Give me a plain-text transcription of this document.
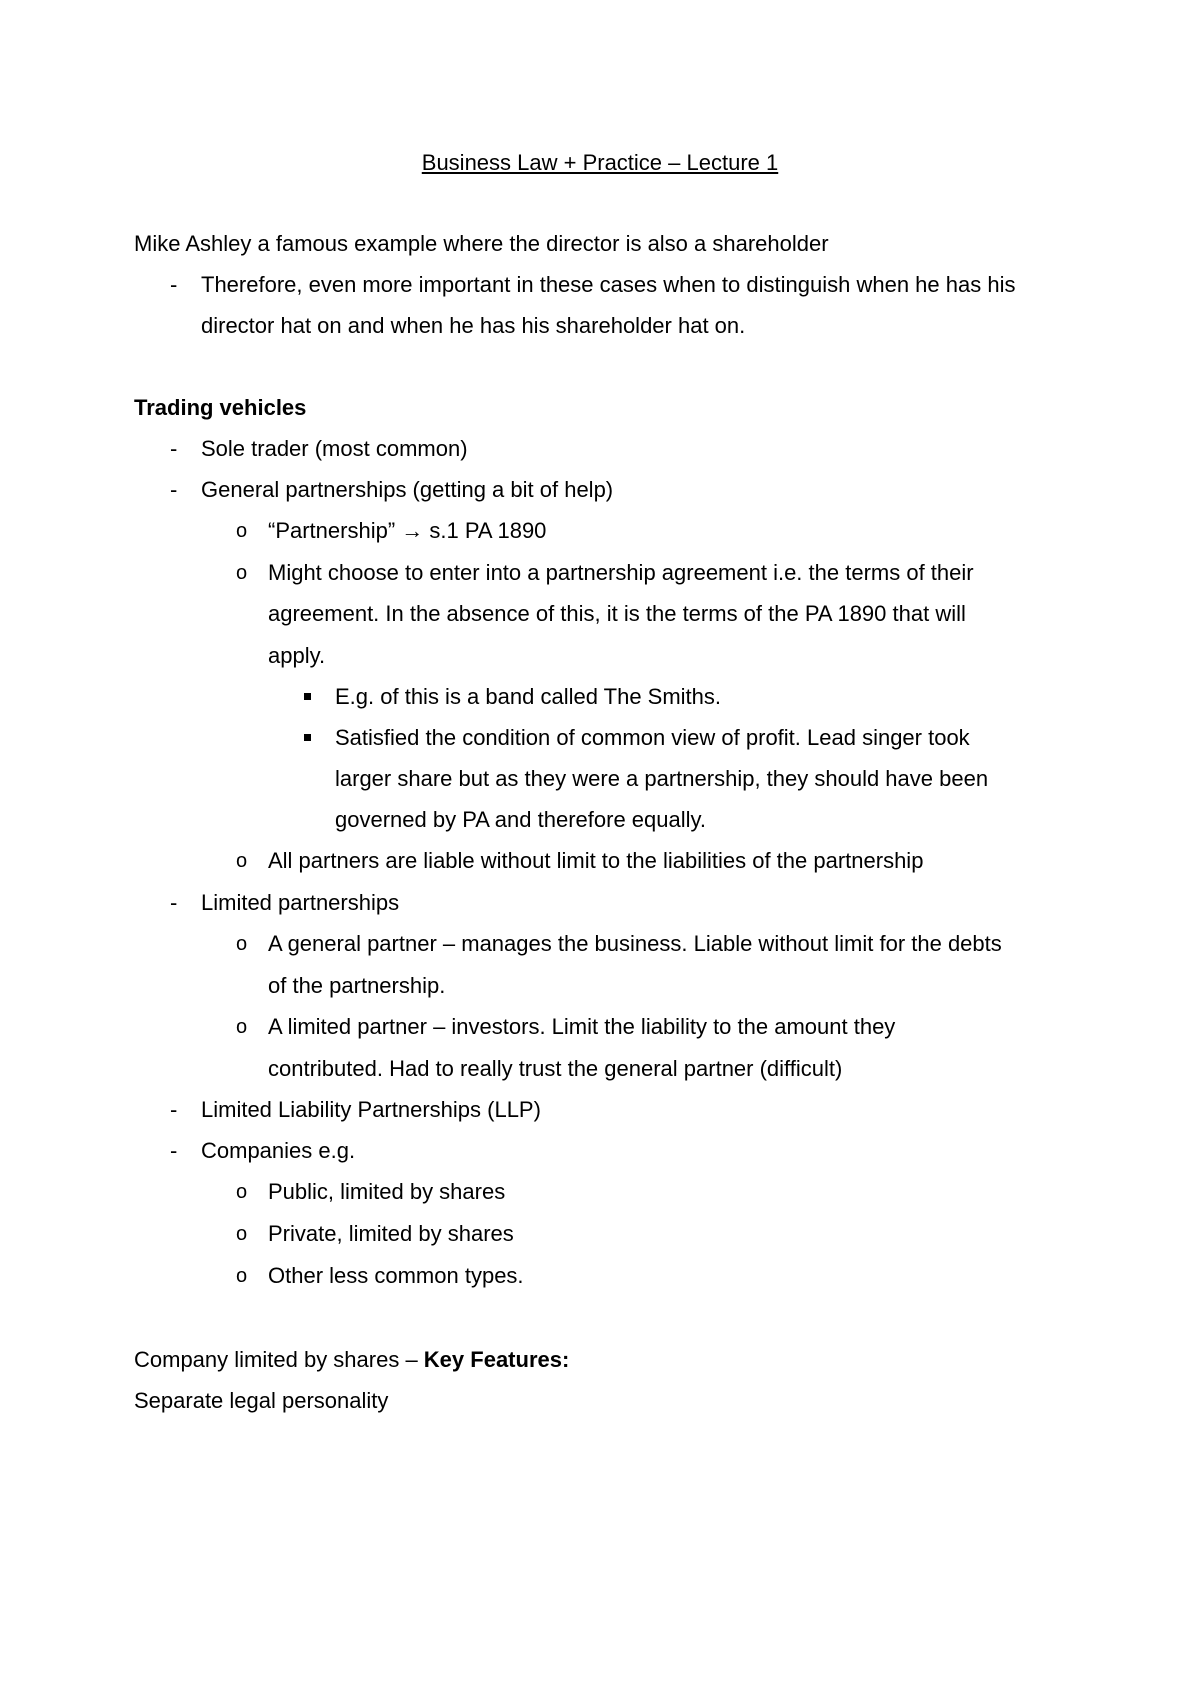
Business Law + Practice – Lecture 1
Mike Ashley a famous example where the director is also a shareholder
-	Therefore, even more important in these cases when to distinguish when he has his
director hat on and when he has his shareholder hat on.
Trading vehicles
-	Sole trader (most common)
-	General partnerships (getting a bit of help)
o “Partnership” → s.1 PA 1890
o Might choose to enter into a partnership agreement i.e. the terms of their
agreement. In the absence of this, it is the terms of the PA 1890 that will
apply.
E.g. of this is a band called The Smiths.
Satisfied the condition of common view of profit. Lead singer took
larger share but as they were a partnership, they should have been
governed by PA and therefore equally.
o All partners are liable without limit to the liabilities of the partnership
-	Limited partnerships
o A general partner – manages the business. Liable without limit for the debts
of the partnership.
o A limited partner – investors. Limit the liability to the amount they
contributed. Had to really trust the general partner (difficult)
-	Limited Liability Partnerships (LLP)
-	Companies e.g.
o Public, limited by shares
o Private, limited by shares
o Other less common types.
Company limited by shares – Key Features:
Separate legal personality
